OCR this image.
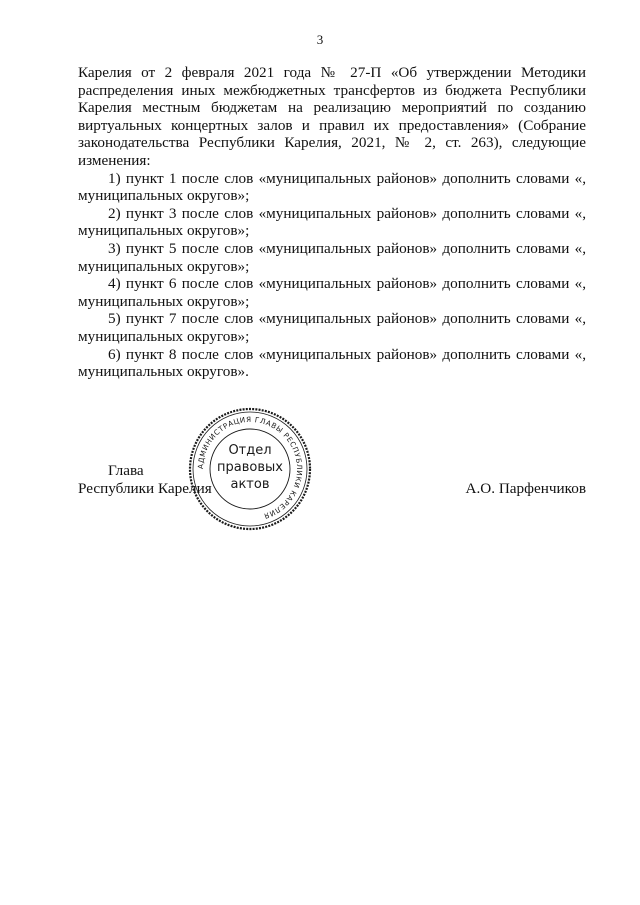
3

Карелия от 2 февраля 2021 года № 27-П «Об утверждении Методики распределения иных межбюджетных трансфертов из бюджета Республики Карелия местным бюджетам на реализацию мероприятий по созданию виртуальных концертных залов и правил их предоставления» (Собрание законодательства Республики Карелия, 2021, № 2, ст. 263), следующие изменения:

1) пункт 1 после слов «муниципальных районов» дополнить словами «, муниципальных округов»;

2) пункт 3 после слов «муниципальных районов» дополнить словами «, муниципальных округов»;

3) пункт 5 после слов «муниципальных районов» дополнить словами «, муниципальных округов»;

4) пункт 6 после слов «муниципальных районов» дополнить словами «, муниципальных округов»;

5) пункт 7 после слов «муниципальных районов» дополнить словами «, муниципальных округов»;

6) пункт 8 после слов «муниципальных районов» дополнить словами «, муниципальных округов».

Глава
Республики Карелия	А.О. Парфенчиков
АДМИНИСТРАЦИЯ ГЛАВЫ РЕСПУБЛИКИ КАРЕЛИЯ
Отдел
правовых
актов
